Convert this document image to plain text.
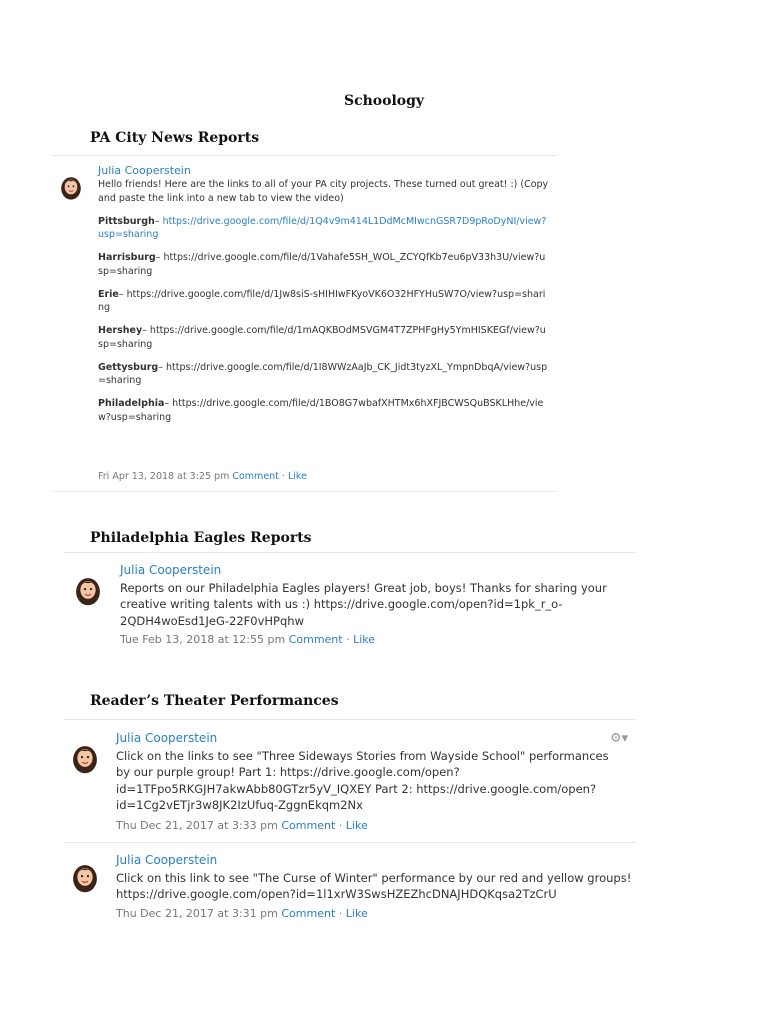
Schoology
PA City News Reports
Julia Cooperstein

Hello friends! Here are the links to all of your PA city projects. These turned out great! :) (Copy and paste the link into a new tab to view the video)

Pittsburgh– https://drive.google.com/file/d/1Q4v9m414L1DdMcMIwcnGSR7D9pRoDyNI/view?usp=sharing

Harrisburg– https://drive.google.com/file/d/1Vahafe5SH_WOL_ZCYQfKb7eu6pV33h3U/view?usp=sharing

Erie– https://drive.google.com/file/d/1Jw8siS-sHIHIwFKyoVK6O32HFYHuSW7O/view?usp=sharing

Hershey– https://drive.google.com/file/d/1mAQKBOdMSVGM4T7ZPHFgHy5YmHISKEGf/view?usp=sharing

Gettysburg– https://drive.google.com/file/d/1I8WWzAaJb_CK_Jidt3tyzXL_YmpnDbqA/view?usp=sharing

Philadelphia– https://drive.google.com/file/d/1BO8G7wbafXHTMx6hXFJBCWSQuBSKLHhe/view?usp=sharing

Fri Apr 13, 2018 at 3:25 pm Comment · Like
Philadelphia Eagles Reports
Julia Cooperstein
Reports on our Philadelphia Eagles players! Great job, boys! Thanks for sharing your creative writing talents with us :) https://drive.google.com/open?id=1pk_r_o-2QDH4woEsd1JeG-22F0vHPqhw
Tue Feb 13, 2018 at 12:55 pm Comment · Like
Reader’s Theater Performances
⚙▾
Julia Cooperstein
Click on the links to see "Three Sideways Stories from Wayside School" performances by our purple group! Part 1: https://drive.google.com/open?id=1TFpo5RKGJH7akwAbb80GTzr5yV_IQXEY Part 2: https://drive.google.com/open?id=1Cg2vETjr3w8JK2IzUfuq-ZggnEkqm2Nx
Thu Dec 21, 2017 at 3:33 pm Comment · Like
Julia Cooperstein
Click on this link to see "The Curse of Winter" performance by our red and yellow groups! https://drive.google.com/open?id=1l1xrW3SwsHZEZhcDNAJHDQKqsa2TzCrU
Thu Dec 21, 2017 at 3:31 pm Comment · Like
